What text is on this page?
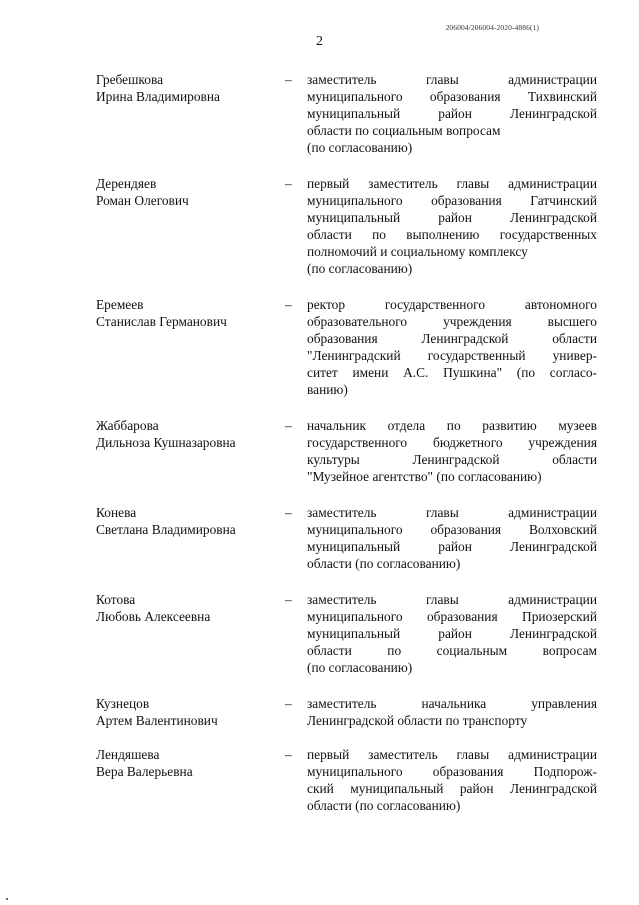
206004/206004-2020-4886(1)
2
Гребешкова
Ирина Владимировна
– заместитель главы администрации
муниципального образования Тихвинский
муниципальный район Ленинградской
области по социальным вопросам
(по согласованию)
Дерендяев
Роман Олегович
– первый заместитель главы администрации
муниципального образования Гатчинский
муниципальный район Ленинградской
области по выполнению государственных
полномочий и социальному комплексу
(по согласованию)
Еремеев
Станислав Германович
– ректор государственного автономного
образовательного учреждения высшего
образования Ленинградской области
"Ленинградский государственный универ-
ситет имени А.С. Пушкина" (по согласо-
ванию)
Жаббарова
Дильноза Кушназаровна
– начальник отдела по развитию музеев
государственного бюджетного учреждения
культуры Ленинградской области
"Музейное агентство" (по согласованию)
Конева
Светлана Владимировна
– заместитель главы администрации
муниципального образования Волховский
муниципальный район Ленинградской
области (по согласованию)
Котова
Любовь Алексеевна
– заместитель главы администрации
муниципального образования Приозерский
муниципальный район Ленинградской
области по социальным вопросам
(по согласованию)
Кузнецов
Артем Валентинович
– заместитель начальника управления
Ленинградской области по транспорту
Лендяшева
Вера Валерьевна
– первый заместитель главы администрации
муниципального образования Подпорож-
ский муниципальный район Ленинградской
области (по согласованию)
